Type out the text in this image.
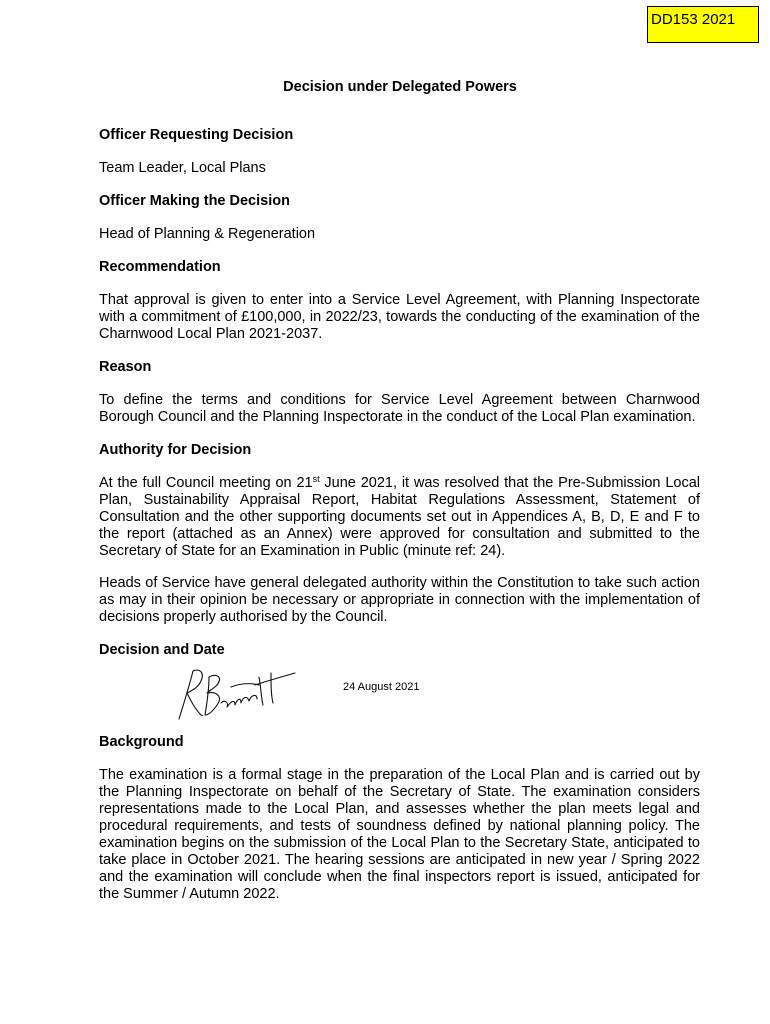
DD153 2021
Decision under Delegated Powers

Officer Requesting Decision

Team Leader, Local Plans

Officer Making the Decision

Head of Planning & Regeneration

Recommendation

That approval is given to enter into a Service Level Agreement, with Planning Inspectorate with a commitment of £100,000, in 2022/23, towards the conducting of the examination of the Charnwood Local Plan 2021-2037.

Reason

To define the terms and conditions for Service Level Agreement between Charnwood Borough Council and the Planning Inspectorate in the conduct of the Local Plan examination.

Authority for Decision

At the full Council meeting on 21st June 2021, it was resolved that the Pre-Submission Local Plan, Sustainability Appraisal Report, Habitat Regulations Assessment, Statement of Consultation and the other supporting documents set out in Appendices A, B, D, E and F to the report (attached as an Annex) were approved for consultation and submitted to the Secretary of State for an Examination in Public (minute ref: 24).

Heads of Service have general delegated authority within the Constitution to take such action as may in their opinion be necessary or appropriate in connection with the implementation of decisions properly authorised by the Council.

Decision and Date

24 August 2021

Background

The examination is a formal stage in the preparation of the Local Plan and is carried out by the Planning Inspectorate on behalf of the Secretary of State. The examination considers representations made to the Local Plan, and assesses whether the plan meets legal and procedural requirements, and tests of soundness defined by national planning policy. The examination begins on the submission of the Local Plan to the Secretary State, anticipated to take place in October 2021. The hearing sessions are anticipated in new year / Spring 2022 and the examination will conclude when the final inspectors report is issued, anticipated for the Summer / Autumn 2022.
